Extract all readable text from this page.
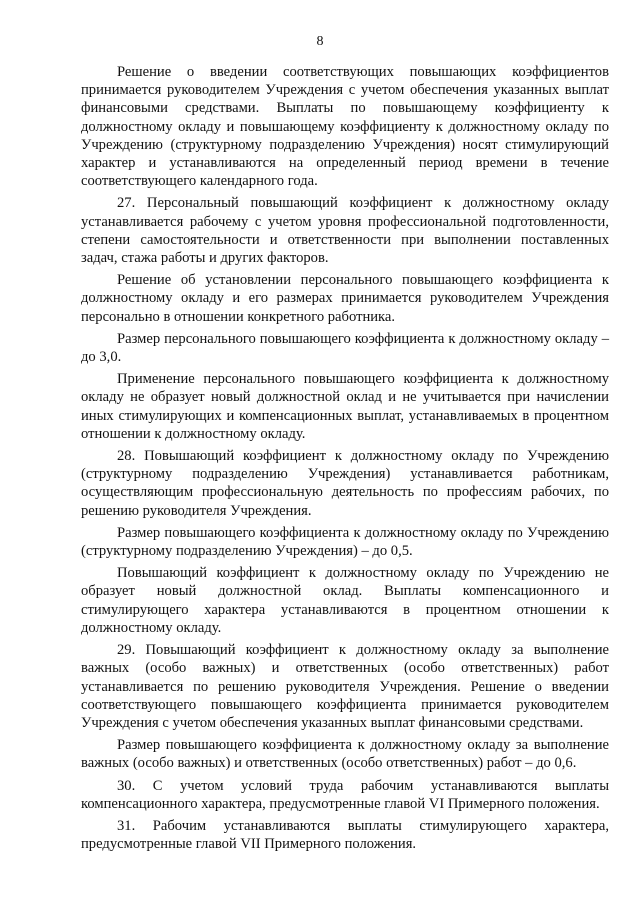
8

Решение о введении соответствующих повышающих коэффициентов принимается руководителем Учреждения с учетом обеспечения указанных выплат финансовыми средствами. Выплаты по повышающему коэффициенту к должностному окладу и повышающему коэффициенту к должностному окладу по Учреждению (структурному подразделению Учреждения) носят стимулирующий характер и устанавливаются на определенный период времени в течение соответствующего календарного года.

27. Персональный повышающий коэффициент к должностному окладу устанавливается рабочему с учетом уровня профессиональной подготовленности, степени самостоятельности и ответственности при выполнении поставленных задач, стажа работы и других факторов.

Решение об установлении персонального повышающего коэффициента к должностному окладу и его размерах принимается руководителем Учреждения персонально в отношении конкретного работника.

Размер персонального повышающего коэффициента к должностному окладу – до 3,0.

Применение персонального повышающего коэффициента к должностному окладу не образует новый должностной оклад и не учитывается при начислении иных стимулирующих и компенсационных выплат, устанавливаемых в процентном отношении к должностному окладу.

28. Повышающий коэффициент к должностному окладу по Учреждению (структурному подразделению Учреждения) устанавливается работникам, осуществляющим профессиональную деятельность по профессиям рабочих, по решению руководителя Учреждения.

Размер повышающего коэффициента к должностному окладу по Учреждению (структурному подразделению Учреждения) – до 0,5.

Повышающий коэффициент к должностному окладу по Учреждению не образует новый должностной оклад. Выплаты компенсационного и стимулирующего характера устанавливаются в процентном отношении к должностному окладу.

29. Повышающий коэффициент к должностному окладу за выполнение важных (особо важных) и ответственных (особо ответственных) работ устанавливается по решению руководителя Учреждения. Решение о введении соответствующего повышающего коэффициента принимается руководителем Учреждения с учетом обеспечения указанных выплат финансовыми средствами.

Размер повышающего коэффициента к должностному окладу за выполнение важных (особо важных) и ответственных (особо ответственных) работ – до 0,6.

30. С учетом условий труда рабочим устанавливаются выплаты компенсационного характера, предусмотренные главой VI Примерного положения.

31. Рабочим устанавливаются выплаты стимулирующего характера, предусмотренные главой VII Примерного положения.
